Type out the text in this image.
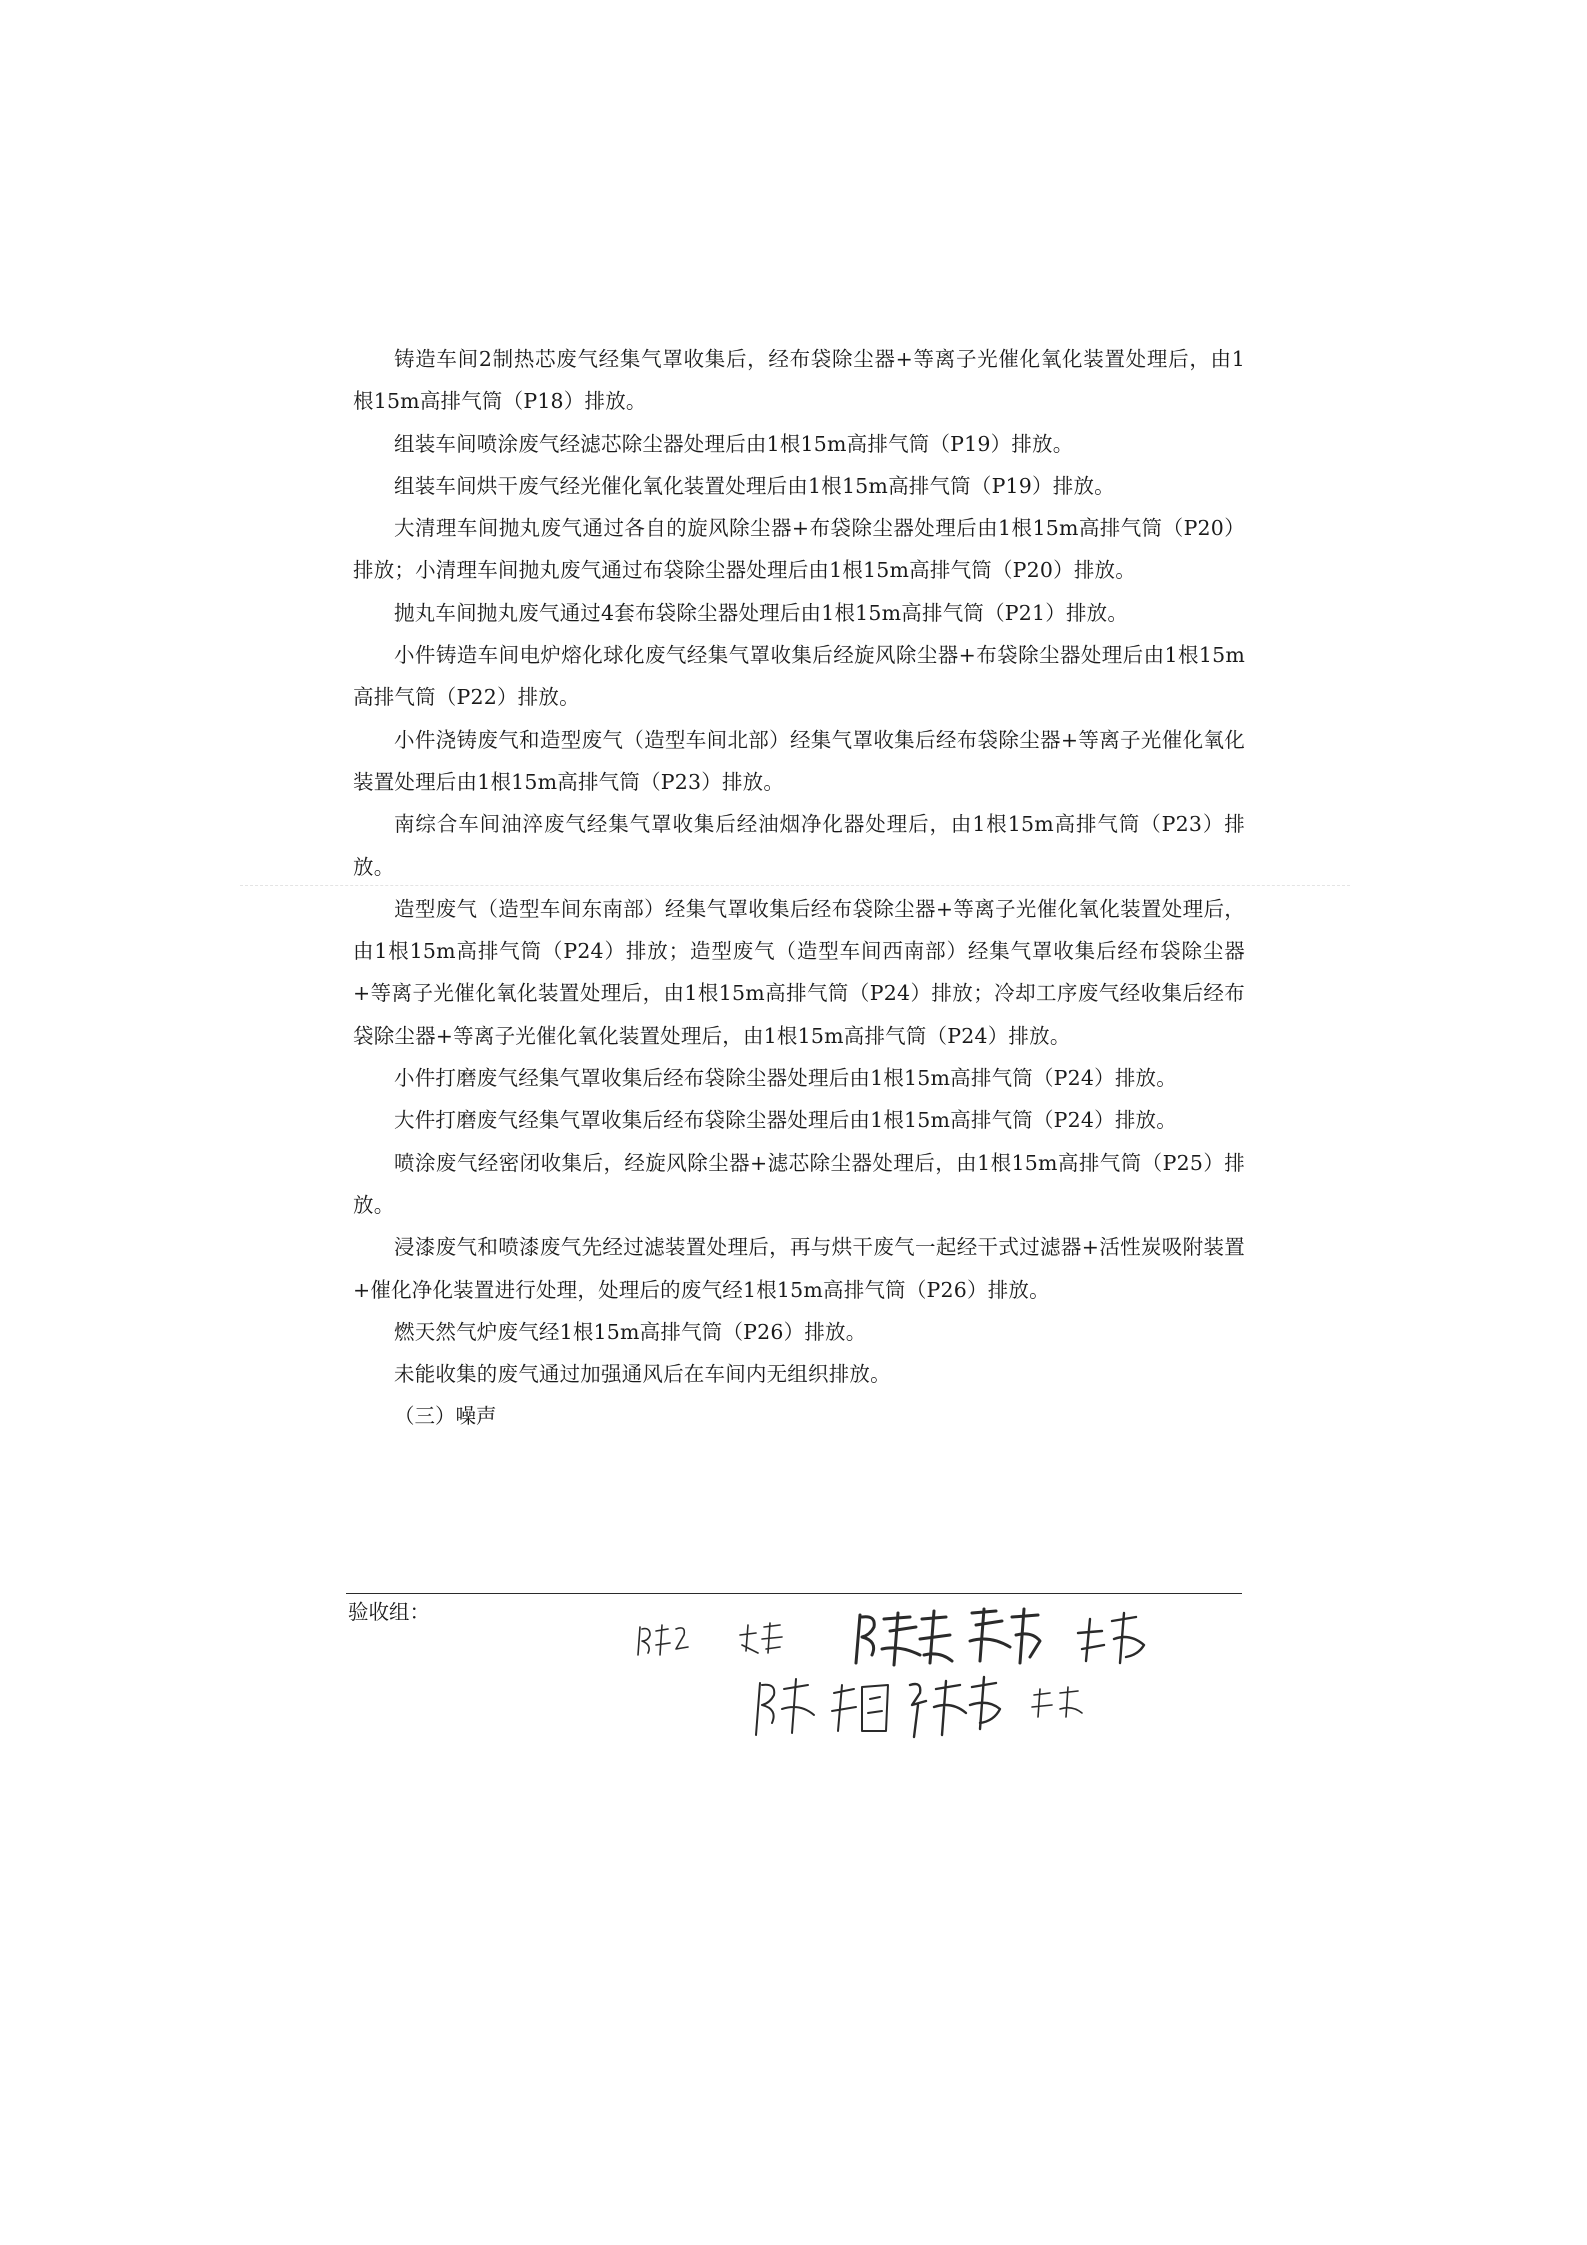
铸造车间2制热芯废气经集气罩收集后，经布袋除尘器+等离子光催化氧化装置处理后，由1根15m高排气筒（P18）排放。

组装车间喷涂废气经滤芯除尘器处理后由1根15m高排气筒（P19）排放。

组装车间烘干废气经光催化氧化装置处理后由1根15m高排气筒（P19）排放。

大清理车间抛丸废气通过各自的旋风除尘器+布袋除尘器处理后由1根15m高排气筒（P20）排放；小清理车间抛丸废气通过布袋除尘器处理后由1根15m高排气筒（P20）排放。

抛丸车间抛丸废气通过4套布袋除尘器处理后由1根15m高排气筒（P21）排放。

小件铸造车间电炉熔化球化废气经集气罩收集后经旋风除尘器+布袋除尘器处理后由1根15m高排气筒（P22）排放。

小件浇铸废气和造型废气（造型车间北部）经集气罩收集后经布袋除尘器+等离子光催化氧化装置处理后由1根15m高排气筒（P23）排放。

南综合车间油淬废气经集气罩收集后经油烟净化器处理后，由1根15m高排气筒（P23）排放。

造型废气（造型车间东南部）经集气罩收集后经布袋除尘器+等离子光催化氧化装置处理后，由1根15m高排气筒（P24）排放；造型废气（造型车间西南部）经集气罩收集后经布袋除尘器+等离子光催化氧化装置处理后，由1根15m高排气筒（P24）排放；冷却工序废气经收集后经布袋除尘器+等离子光催化氧化装置处理后，由1根15m高排气筒（P24）排放。

小件打磨废气经集气罩收集后经布袋除尘器处理后由1根15m高排气筒（P24）排放。

大件打磨废气经集气罩收集后经布袋除尘器处理后由1根15m高排气筒（P24）排放。

喷涂废气经密闭收集后，经旋风除尘器+滤芯除尘器处理后，由1根15m高排气筒（P25）排放。

浸漆废气和喷漆废气先经过滤装置处理后，再与烘干废气一起经干式过滤器+活性炭吸附装置+催化净化装置进行处理，处理后的废气经1根15m高排气筒（P26）排放。

燃天然气炉废气经1根15m高排气筒（P26）排放。

未能收集的废气通过加强通风后在车间内无组织排放。

（三）噪声

验收组：
